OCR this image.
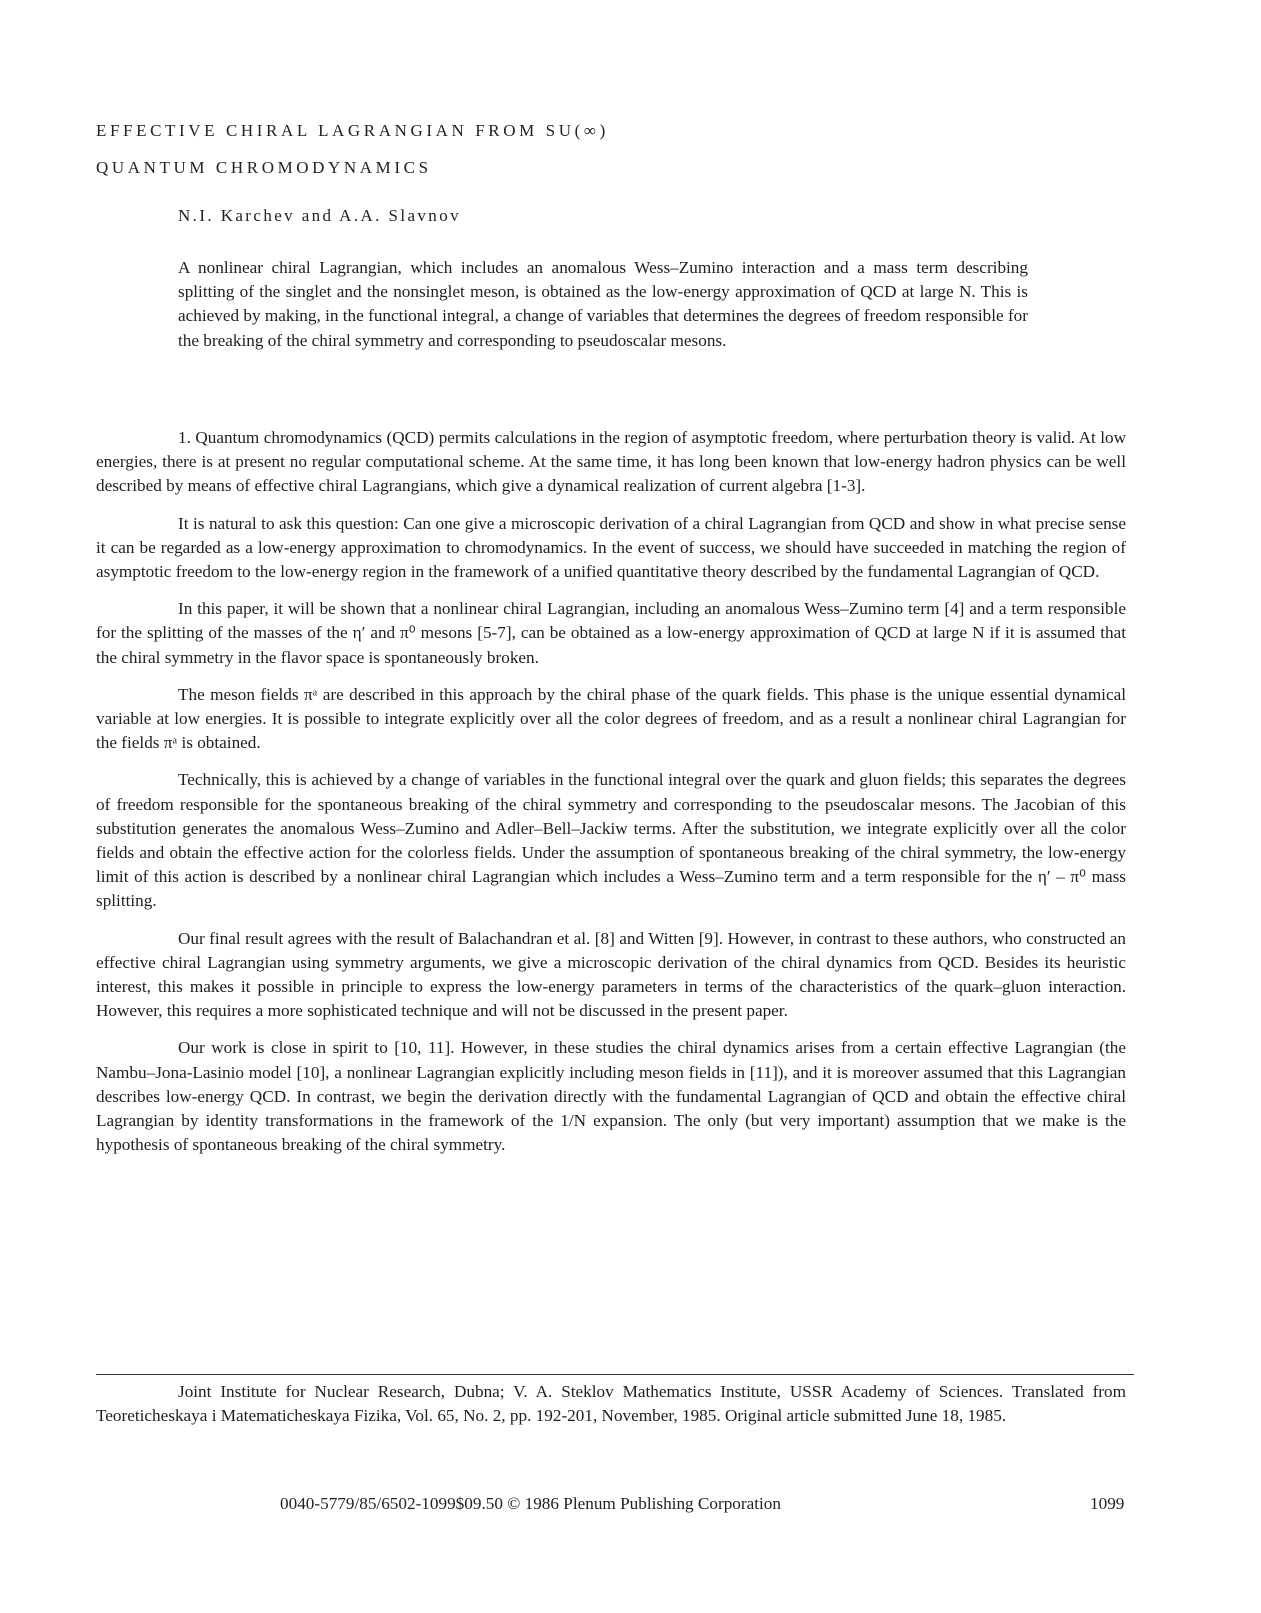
EFFECTIVE CHIRAL LAGRANGIAN FROM SU(∞)
QUANTUM CHROMODYNAMICS
N.I. Karchev and A.A. Slavnov
A nonlinear chiral Lagrangian, which includes an anomalous Wess–Zumino interaction and a mass term describing splitting of the singlet and the nonsinglet meson, is obtained as the low-energy approximation of QCD at large N. This is achieved by making, in the functional integral, a change of variables that determines the degrees of freedom responsible for the breaking of the chiral symmetry and corresponding to pseudoscalar mesons.

1. Quantum chromodynamics (QCD) permits calculations in the region of asymptotic freedom, where perturbation theory is valid. At low energies, there is at present no regular computational scheme. At the same time, it has long been known that low-energy hadron physics can be well described by means of effective chiral Lagrangians, which give a dynamical realization of current algebra [1-3].

It is natural to ask this question: Can one give a microscopic derivation of a chiral Lagrangian from QCD and show in what precise sense it can be regarded as a low-energy approximation to chromodynamics. In the event of success, we should have succeeded in matching the region of asymptotic freedom to the low-energy region in the framework of a unified quantitative theory described by the fundamental Lagrangian of QCD.

In this paper, it will be shown that a nonlinear chiral Lagrangian, including an anomalous Wess–Zumino term [4] and a term responsible for the splitting of the masses of the η′ and π⁰ mesons [5-7], can be obtained as a low-energy approximation of QCD at large N if it is assumed that the chiral symmetry in the flavor space is spontaneously broken.

The meson fields πᵃ are described in this approach by the chiral phase of the quark fields. This phase is the unique essential dynamical variable at low energies. It is possible to integrate explicitly over all the color degrees of freedom, and as a result a nonlinear chiral Lagrangian for the fields πᵃ is obtained.

Technically, this is achieved by a change of variables in the functional integral over the quark and gluon fields; this separates the degrees of freedom responsible for the spontaneous breaking of the chiral symmetry and corresponding to the pseudoscalar mesons. The Jacobian of this substitution generates the anomalous Wess–Zumino and Adler–Bell–Jackiw terms. After the substitution, we integrate explicitly over all the color fields and obtain the effective action for the colorless fields. Under the assumption of spontaneous breaking of the chiral symmetry, the low-energy limit of this action is described by a nonlinear chiral Lagrangian which includes a Wess–Zumino term and a term responsible for the η′ – π⁰ mass splitting.

Our final result agrees with the result of Balachandran et al. [8] and Witten [9]. However, in contrast to these authors, who constructed an effective chiral Lagrangian using symmetry arguments, we give a microscopic derivation of the chiral dynamics from QCD. Besides its heuristic interest, this makes it possible in principle to express the low-energy parameters in terms of the characteristics of the quark–gluon interaction. However, this requires a more sophisticated technique and will not be discussed in the present paper.

Our work is close in spirit to [10, 11]. However, in these studies the chiral dynamics arises from a certain effective Lagrangian (the Nambu–Jona-Lasinio model [10], a nonlinear Lagrangian explicitly including meson fields in [11]), and it is moreover assumed that this Lagrangian describes low-energy QCD. In contrast, we begin the derivation directly with the fundamental Lagrangian of QCD and obtain the effective chiral Lagrangian by identity transformations in the framework of the 1/N expansion. The only (but very important) assumption that we make is the hypothesis of spontaneous breaking of the chiral symmetry.

Joint Institute for Nuclear Research, Dubna; V. A. Steklov Mathematics Institute, USSR Academy of Sciences. Translated from Teoreticheskaya i Matematicheskaya Fizika, Vol. 65, No. 2, pp. 192-201, November, 1985. Original article submitted June 18, 1985.
0040-5779/85/6502-1099$09.50 © 1986 Plenum Publishing Corporation	1099
